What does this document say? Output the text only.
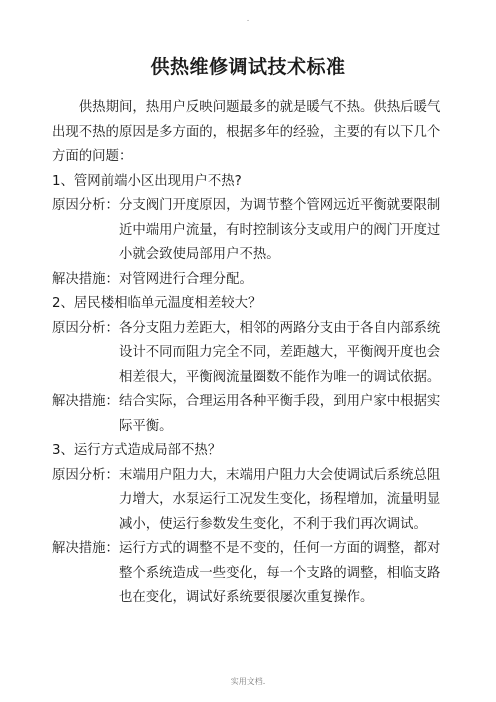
.
供热维修调试技术标准

供热期间，热用户反映问题最多的就是暖气不热。供热后暖气出现不热的原因是多方面的，根据多年的经验，主要的有以下几个方面的问题：

1、管网前端小区出现用户不热?

原因分析： 分支阀门开度原因，为调节整个管网远近平衡就要限制近中端用户流量，有时控制该分支或用户的阀门开度过小就会致使局部用户不热。
解决措施： 对管网进行合理分配。

2、居民楼相临单元温度相差较大？

原因分析： 各分支阻力差距大，相邻的两路分支由于各自内部系统设计不同而阻力完全不同，差距越大，平衡阀开度也会相差很大，平衡阀流量圈数不能作为唯一的调试依据。
解决措施： 结合实际，合理运用各种平衡手段，到用户家中根据实际平衡。

3、运行方式造成局部不热？

原因分析： 末端用户阻力大，末端用户阻力大会使调试后系统总阻力增大，水泵运行工况发生变化，扬程增加，流量明显减小，使运行参数发生变化，不利于我们再次调试。
解决措施： 运行方式的调整不是不变的，任何一方面的调整，都对整个系统造成一些变化，每一个支路的调整，相临支路也在变化，调试好系统要很屡次重复操作。
实用文档.
